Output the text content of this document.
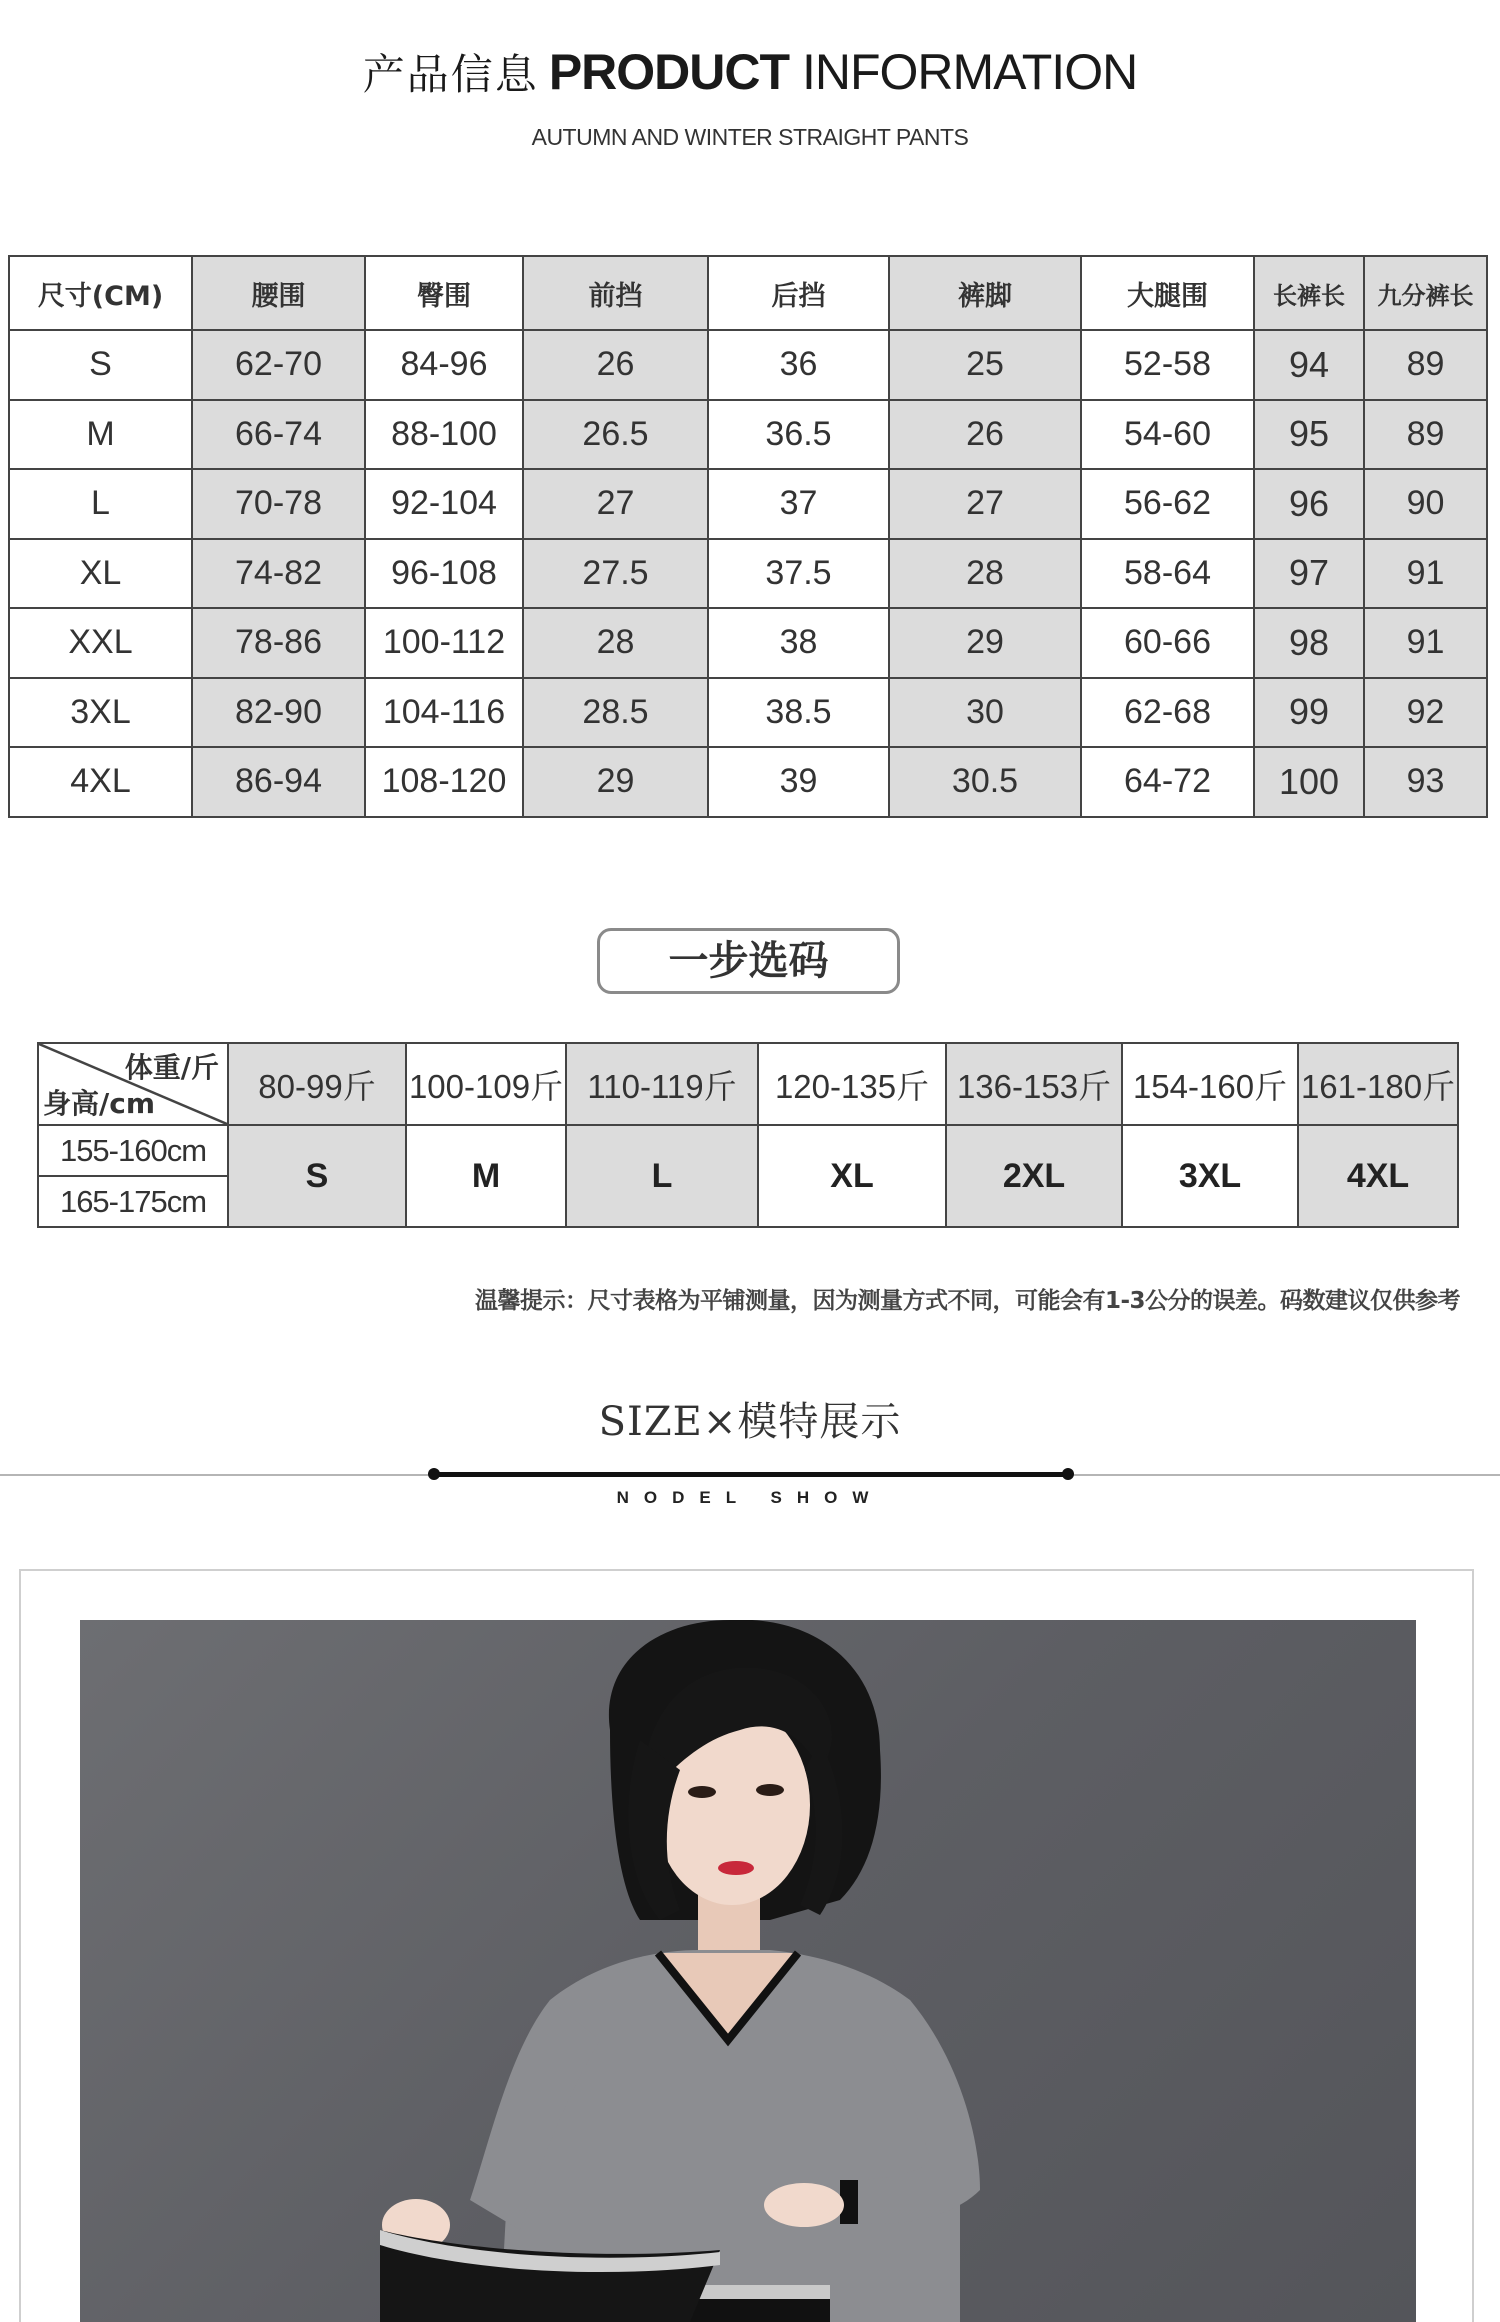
产品信息 PRODUCT INFORMATION
AUTUMN AND WINTER STRAIGHT PANTS
尺寸(CM)	腰围	臀围	前挡	后挡	裤脚	大腿围	长裤长	九分裤长
S	62-70	84-96	26	36	25	52-58	94	89
M	66-74	88-100	26.5	36.5	26	54-60	95	89
L	70-78	92-104	27	37	27	56-62	96	90
XL	74-82	96-108	27.5	37.5	28	58-64	97	91
XXL	78-86	100-112	28	38	29	60-66	98	91
3XL	82-90	104-116	28.5	38.5	30	62-68	99	92
4XL	86-94	108-120	29	39	30.5	64-72	100	93
一步选码
体重/斤
身高/cm	80-99斤	100-109斤	110-119斤	120-135斤	136-153斤	154-160斤	161-180斤
155-160cm	S	M	L	XL	2XL	3XL	4XL
165-175cm							
温馨提示：尺寸表格为平铺测量，因为测量方式不同，可能会有1-3公分的误差。码数建议仅供参考
SIZE×模特展示
NODEL SHOW
